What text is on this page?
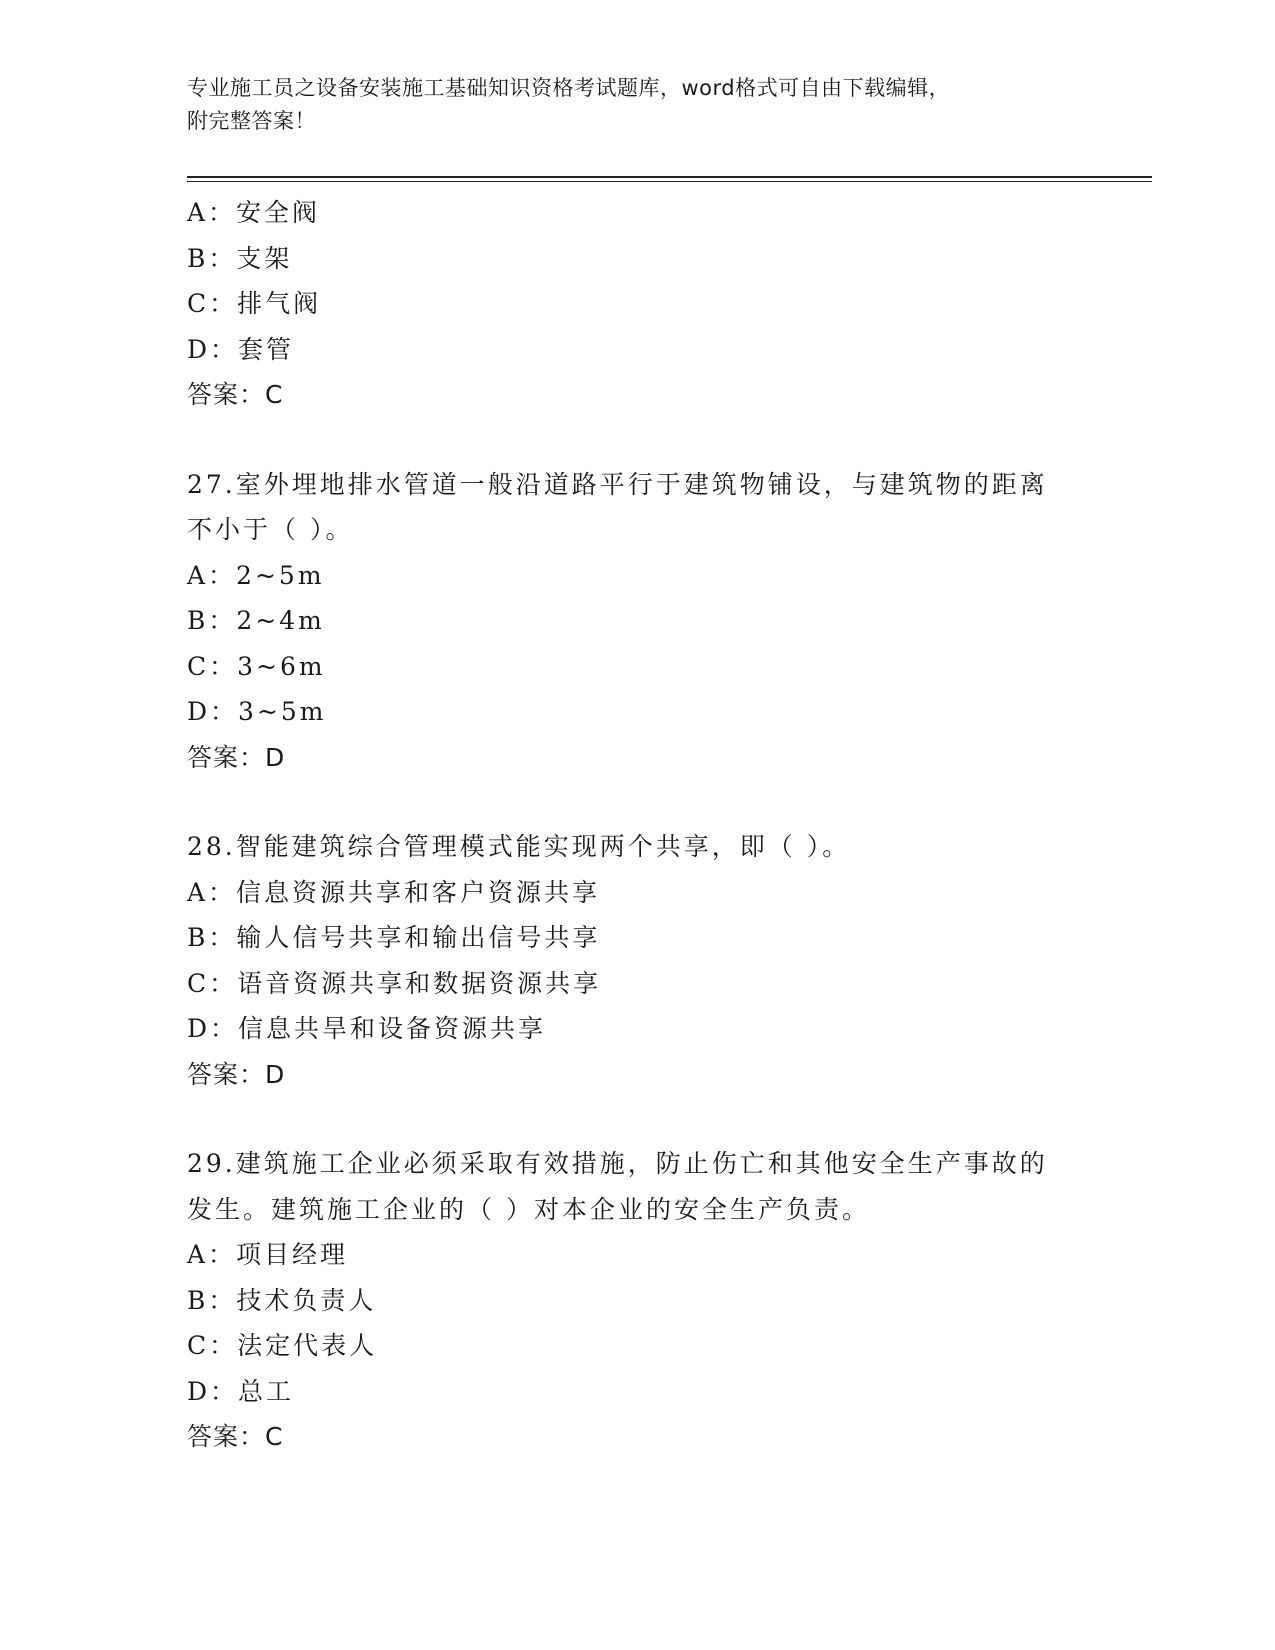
专业施工员之设备安装施工基础知识资格考试题库，word格式可自由下载编辑，

附完整答案！

A：安全阀
B：支架
C：排气阀
D：套管
答案：C
27.室外埋地排水管道一般沿道路平行于建筑物铺设，与建筑物的距离
不小于（ ）。
A：2~5m
B：2~4m
C：3~6m
D：3~5m
答案：D
28.智能建筑综合管理模式能实现两个共享，即（ ）。
A：信息资源共享和客户资源共享
B：输人信号共享和输出信号共享
C：语音资源共享和数据资源共享
D：信息共旱和设备资源共享
答案：D
29.建筑施工企业必须采取有效措施，防止伤亡和其他安全生产事故的
发生。建筑施工企业的（ ）对本企业的安全生产负责。
A：项目经理
B：技术负责人
C：法定代表人
D：总工
答案：C
